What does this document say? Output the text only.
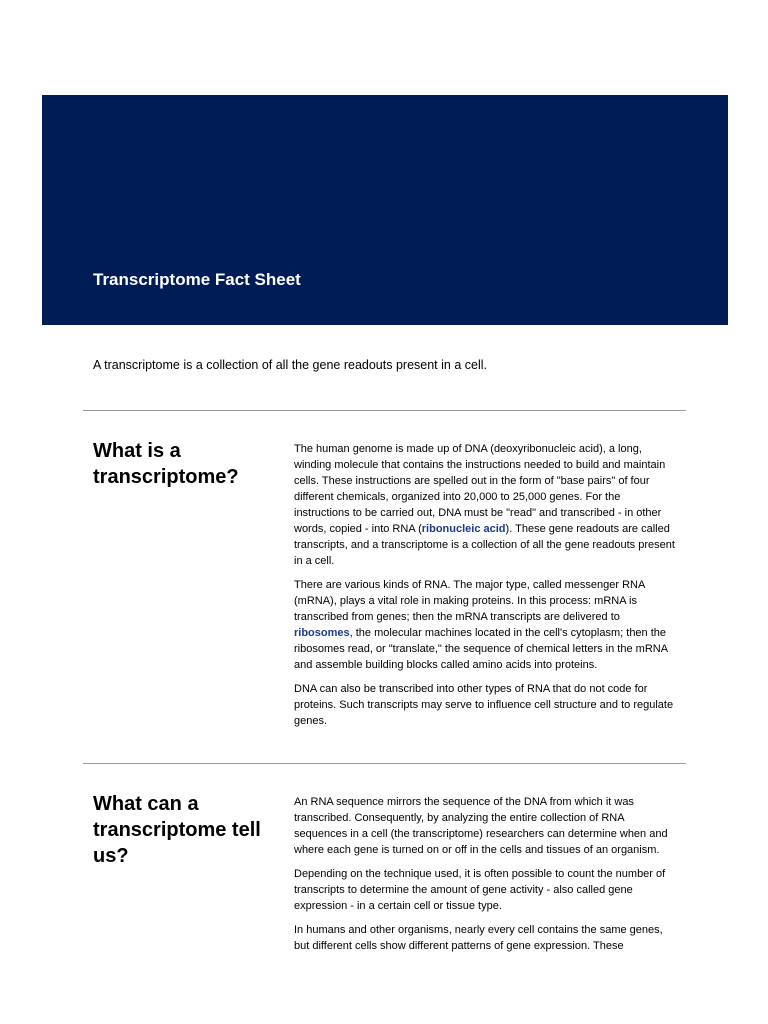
Transcriptome Fact Sheet

A transcriptome is a collection of all the gene readouts present in a cell.

What is a transcriptome?

The human genome is made up of DNA (deoxyribonucleic acid), a long, winding molecule that contains the instructions needed to build and maintain cells. These instructions are spelled out in the form of "base pairs" of four different chemicals, organized into 20,000 to 25,000 genes. For the instructions to be carried out, DNA must be "read" and transcribed - in other words, copied - into RNA (ribonucleic acid). These gene readouts are called transcripts, and a transcriptome is a collection of all the gene readouts present in a cell.

There are various kinds of RNA. The major type, called messenger RNA (mRNA), plays a vital role in making proteins. In this process: mRNA is transcribed from genes; then the mRNA transcripts are delivered to ribosomes, the molecular machines located in the cell's cytoplasm; then the ribosomes read, or "translate," the sequence of chemical letters in the mRNA and assemble building blocks called amino acids into proteins.

DNA can also be transcribed into other types of RNA that do not code for proteins. Such transcripts may serve to influence cell structure and to regulate genes.

What can a transcriptome tell us?

An RNA sequence mirrors the sequence of the DNA from which it was transcribed. Consequently, by analyzing the entire collection of RNA sequences in a cell (the transcriptome) researchers can determine when and where each gene is turned on or off in the cells and tissues of an organism.

Depending on the technique used, it is often possible to count the number of transcripts to determine the amount of gene activity - also called gene expression - in a certain cell or tissue type.

In humans and other organisms, nearly every cell contains the same genes, but different cells show different patterns of gene expression. These
